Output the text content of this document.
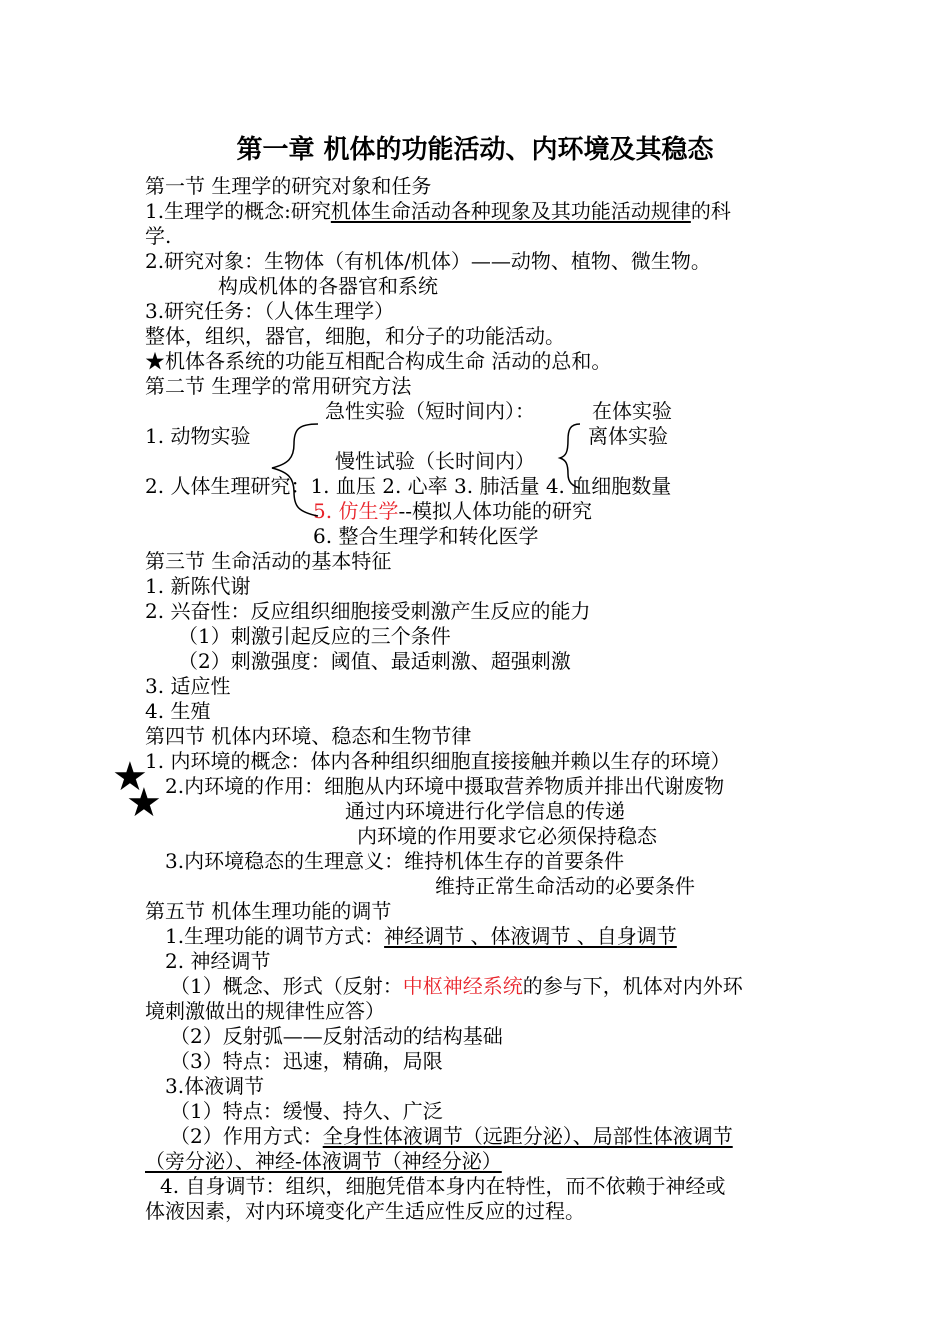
第一章 机体的功能活动、内环境及其稳态
第一节 生理学的研究对象和任务
1.生理学的概念:研究机体生命活动各种现象及其功能活动规律的科
学.
2.研究对象：生物体（有机体/机体）——动物、植物、微生物。
构成机体的各器官和系统
3.研究任务：（人体生理学）
整体，组织，器官，细胞，和分子的功能活动。
★机体各系统的功能互相配合构成生命 活动的总和。
第二节 生理学的常用研究方法
急性实验（短时间内）：	在体实验
1. 动物实验	离体实验
慢性试验（长时间内）
2. 人体生理研究：1. 血压 2. 心率 3. 肺活量 4. 血细胞数量
5. 仿生学--模拟人体功能的研究
6. 整合生理学和转化医学
第三节 生命活动的基本特征
1. 新陈代谢
2. 兴奋性：反应组织细胞接受刺激产生反应的能力
（1）刺激引起反应的三个条件
（2）刺激强度：阈值、最适刺激、超强刺激
3. 适应性
4. 生殖
第四节 机体内环境、稳态和生物节律
1. 内环境的概念：体内各种组织细胞直接接触并赖以生存的环境）
★
★ 2.内环境的作用：细胞从内环境中摄取营养物质并排出代谢废物
通过内环境进行化学信息的传递
内环境的作用要求它必须保持稳态
3.内环境稳态的生理意义：维持机体生存的首要条件
维持正常生命活动的必要条件
第五节 机体生理功能的调节
1.生理功能的调节方式：神经调节 、体液调节 、自身调节
2. 神经调节
（1）概念、形式（反射：中枢神经系统的参与下，机体对内外环
境刺激做出的规律性应答）
（2）反射弧——反射活动的结构基础
（3）特点：迅速，精确，局限
3.体液调节
（1）特点：缓慢、持久、广泛
（2）作用方式：全身性体液调节（远距分泌）、局部性体液调节
（旁分泌）、神经-体液调节（神经分泌）
4. 自身调节：组织，细胞凭借本身内在特性，而不依赖于神经或
体液因素，对内环境变化产生适应性反应的过程。
